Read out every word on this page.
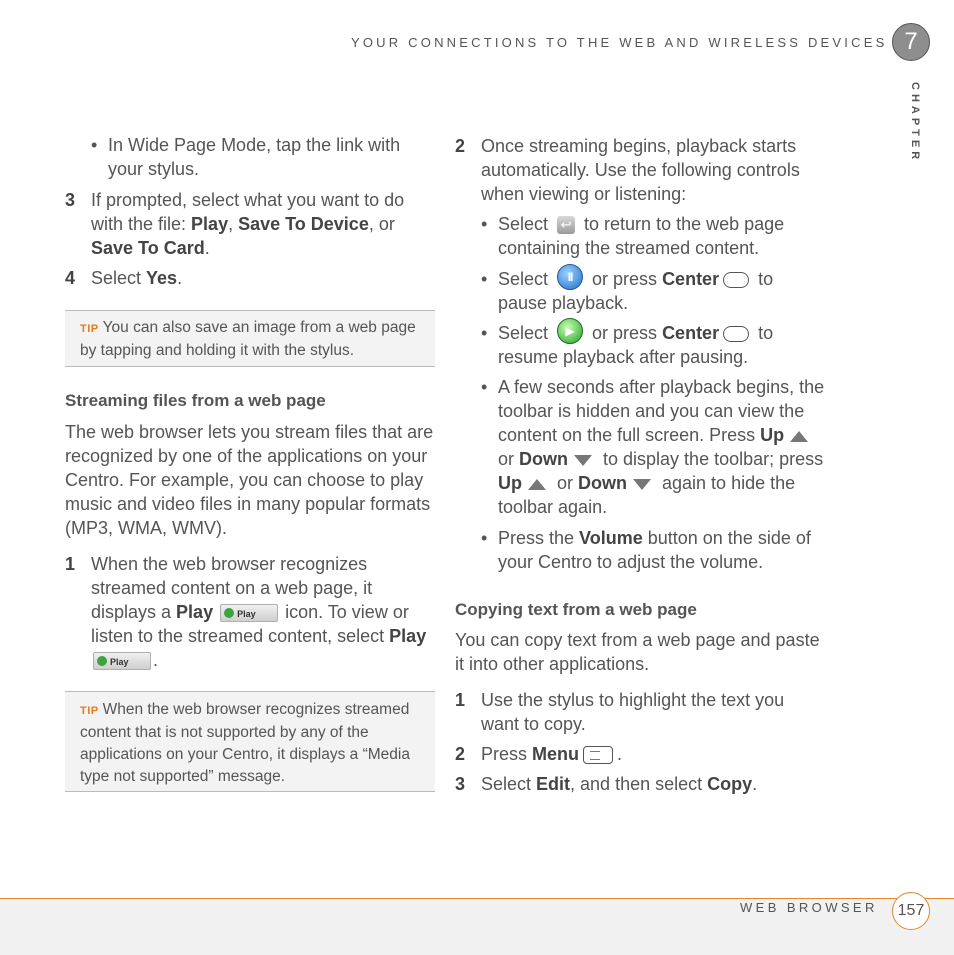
YOUR CONNECTIONS TO THE WEB AND WIRELESS DEVICES 7
CHAPTER
• In Wide Page Mode, tap the link with your stylus.
3 If prompted, select what you want to do with the file: Play, Save To Device, or Save To Card.
4 Select Yes.
Streaming files from a web page
The web browser lets you stream files that are recognized by one of the applications on your Centro. For example, you can choose to play music and video files in many popular formats (MP3, WMA, WMV).
1 When the web browser recognizes streamed content on a web page, it displays a Play	Play icon. To view or listen to the streamed content, select Play Play .
TIP You can also save an image from a web page by tapping and holding it with the stylus.
TIP When the web browser recognizes streamed content that is not supported by any of the applications on your Centro, it displays a “Media type not supported” message.
2 Once streaming begins, playback starts automatically. Use the following controls when viewing or listening:
• Select ↩ to return to the web page containing the streamed content.
• Select II or press Center to pause playback.
• Select ▶ or press Center to resume playback after pausing.
• A few seconds after playback begins, the toolbar is hidden and you can view the content on the full screen. Press Up or Down to display the toolbar; press Up or Down again to hide the toolbar again.
• Press the Volume button on the side of your Centro to adjust the volume.
Copying text from a web page
You can copy text from a web page and paste it into other applications.
1 Use the stylus to highlight the text you want to copy.
2 Press Menu .
3 Select Edit, and then select Copy.
WEB BROWSER	157
